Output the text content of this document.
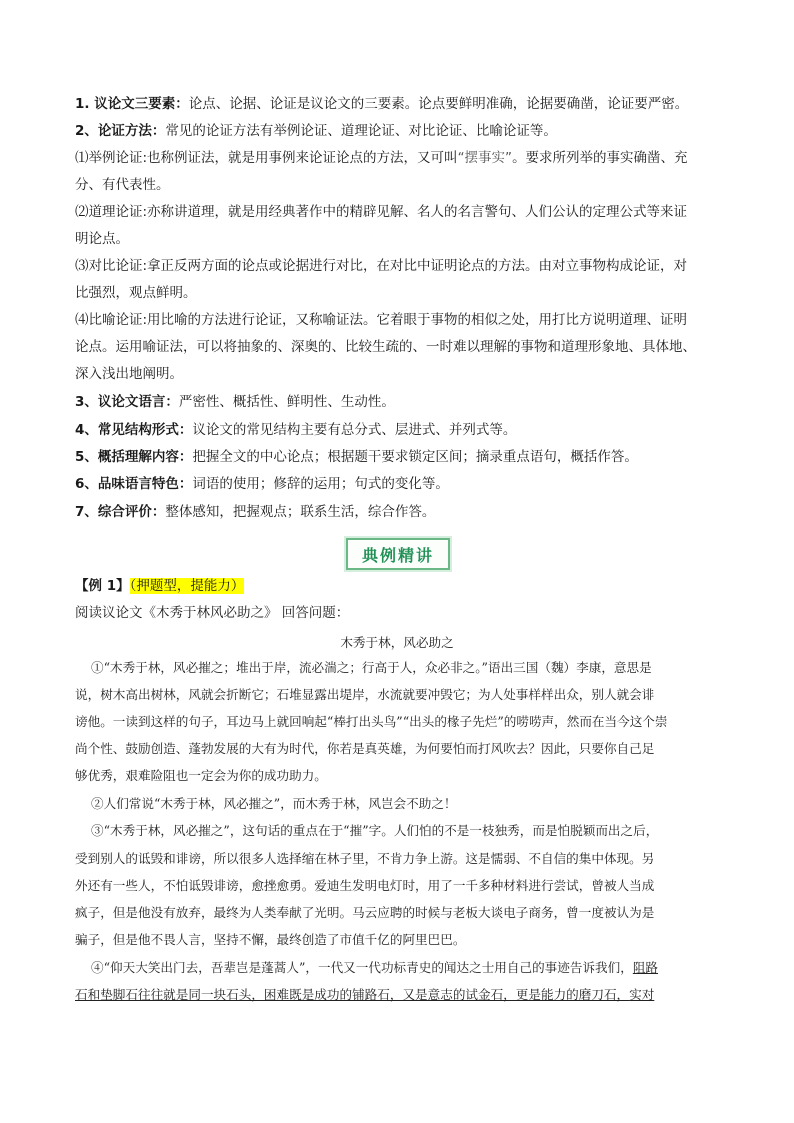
1. 议论文三要素：论点、论据、论证是议论文的三要素。论点要鲜明准确，论据要确凿，论证要严密。
2、论证方法：常见的论证方法有举例论证、道理论证、对比论证、比喻论证等。
⑴举例论证:也称例证法，就是用事例来论证论点的方法，又可叫“摆事实”。要求所列举的事实确凿、充
分、有代表性。
⑵道理论证:亦称讲道理，就是用经典著作中的精辟见解、名人的名言警句、人们公认的定理公式等来证
明论点。
⑶对比论证:拿正反两方面的论点或论据进行对比，在对比中证明论点的方法。由对立事物构成论证，对
比强烈，观点鲜明。
⑷比喻论证:用比喻的方法进行论证，又称喻证法。它着眼于事物的相似之处，用打比方说明道理、证明
论点。运用喻证法，可以将抽象的、深奥的、比较生疏的、一时难以理解的事物和道理形象地、具体地、
深入浅出地阐明。
3、议论文语言：严密性、概括性、鲜明性、生动性。
4、常见结构形式：议论文的常见结构主要有总分式、层进式、并列式等。
5、概括理解内容：把握全文的中心论点；根据题干要求锁定区间；摘录重点语句，概括作答。
6、品味语言特色：词语的使用；修辞的运用；句式的变化等。
7、综合评价：整体感知，把握观点；联系生活，综合作答。
典例精讲
【例 1】（押题型，提能力）
阅读议论文《木秀于林风必助之》 回答问题：
木秀于林，风必助之
①“木秀于林，风必摧之；堆出于岸，流必湍之；行高于人，众必非之。”语出三国（魏）李康，意思是
说，树木高出树林，风就会折断它；石堆显露出堤岸，水流就要冲毁它；为人处事样样出众，别人就会诽
谤他。一读到这样的句子，耳边马上就回响起“棒打出头鸟”“出头的椽子先烂”的唠唠声，然而在当今这个崇
尚个性、鼓励创造、蓬勃发展的大有为时代，你若是真英雄，为何要怕而打风吹去？因此，只要你自己足
够优秀，艰难险阻也一定会为你的成功助力。
②人们常说“木秀于林，风必摧之”，而木秀于林，风岂会不助之！
③“木秀于林，风必摧之”，这句话的重点在于“摧”字。人们怕的不是一枝独秀，而是怕脱颖而出之后，
受到别人的诋毁和诽谤，所以很多人选择缩在林子里，不肯力争上游。这是懦弱、不自信的集中体现。另
外还有一些人，不怕诋毁诽谤，愈挫愈勇。爱迪生发明电灯时，用了一千多种材料进行尝试，曾被人当成
疯子，但是他没有放弃，最终为人类奉献了光明。马云应聘的时候与老板大谈电子商务，曾一度被认为是
骗子，但是他不畏人言，坚持不懈，最终创造了市值千亿的阿里巴巴。
④“仰天大笑出门去，吾辈岂是蓬蒿人”，一代又一代功标青史的闻达之士用自己的事迹告诉我们，阻路
石和垫脚石往往就是同一块石头，困难既是成功的铺路石，又是意志的试金石，更是能力的磨刀石，实对
